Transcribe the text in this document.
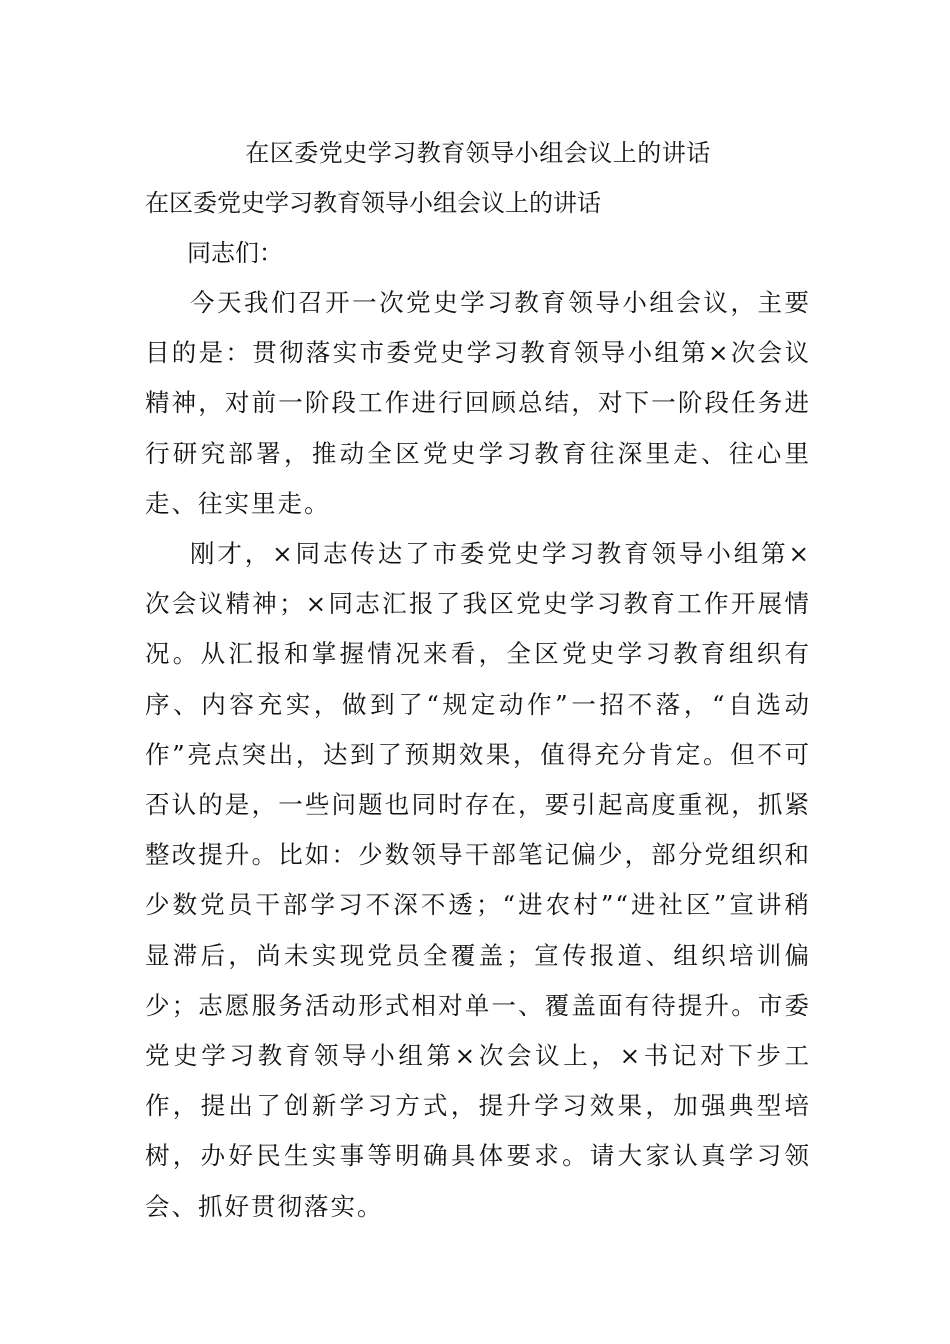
在区委党史学习教育领导小组会议上的讲话
在区委党史学习教育领导小组会议上的讲话

同志们：

今天我们召开一次党史学习教育领导小组会议，主要目的是：贯彻落实市委党史学习教育领导小组第×次会议精神，对前一阶段工作进行回顾总结，对下一阶段任务进行研究部署，推动全区党史学习教育往深里走、往心里走、往实里走。

刚才，×同志传达了市委党史学习教育领导小组第×次会议精神；×同志汇报了我区党史学习教育工作开展情况。从汇报和掌握情况来看，全区党史学习教育组织有序、内容充实，做到了“规定动作”一招不落，“自选动作”亮点突出，达到了预期效果，值得充分肯定。但不可否认的是，一些问题也同时存在，要引起高度重视，抓紧整改提升。比如：少数领导干部笔记偏少，部分党组织和少数党员干部学习不深不透；“进农村”“进社区”宣讲稍显滞后，尚未实现党员全覆盖；宣传报道、组织培训偏少；志愿服务活动形式相对单一、覆盖面有待提升。市委党史学习教育领导小组第×次会议上，×书记对下步工作，提出了创新学习方式，提升学习效果，加强典型培树，办好民生实事等明确具体要求。请大家认真学习领会、抓好贯彻落实。
